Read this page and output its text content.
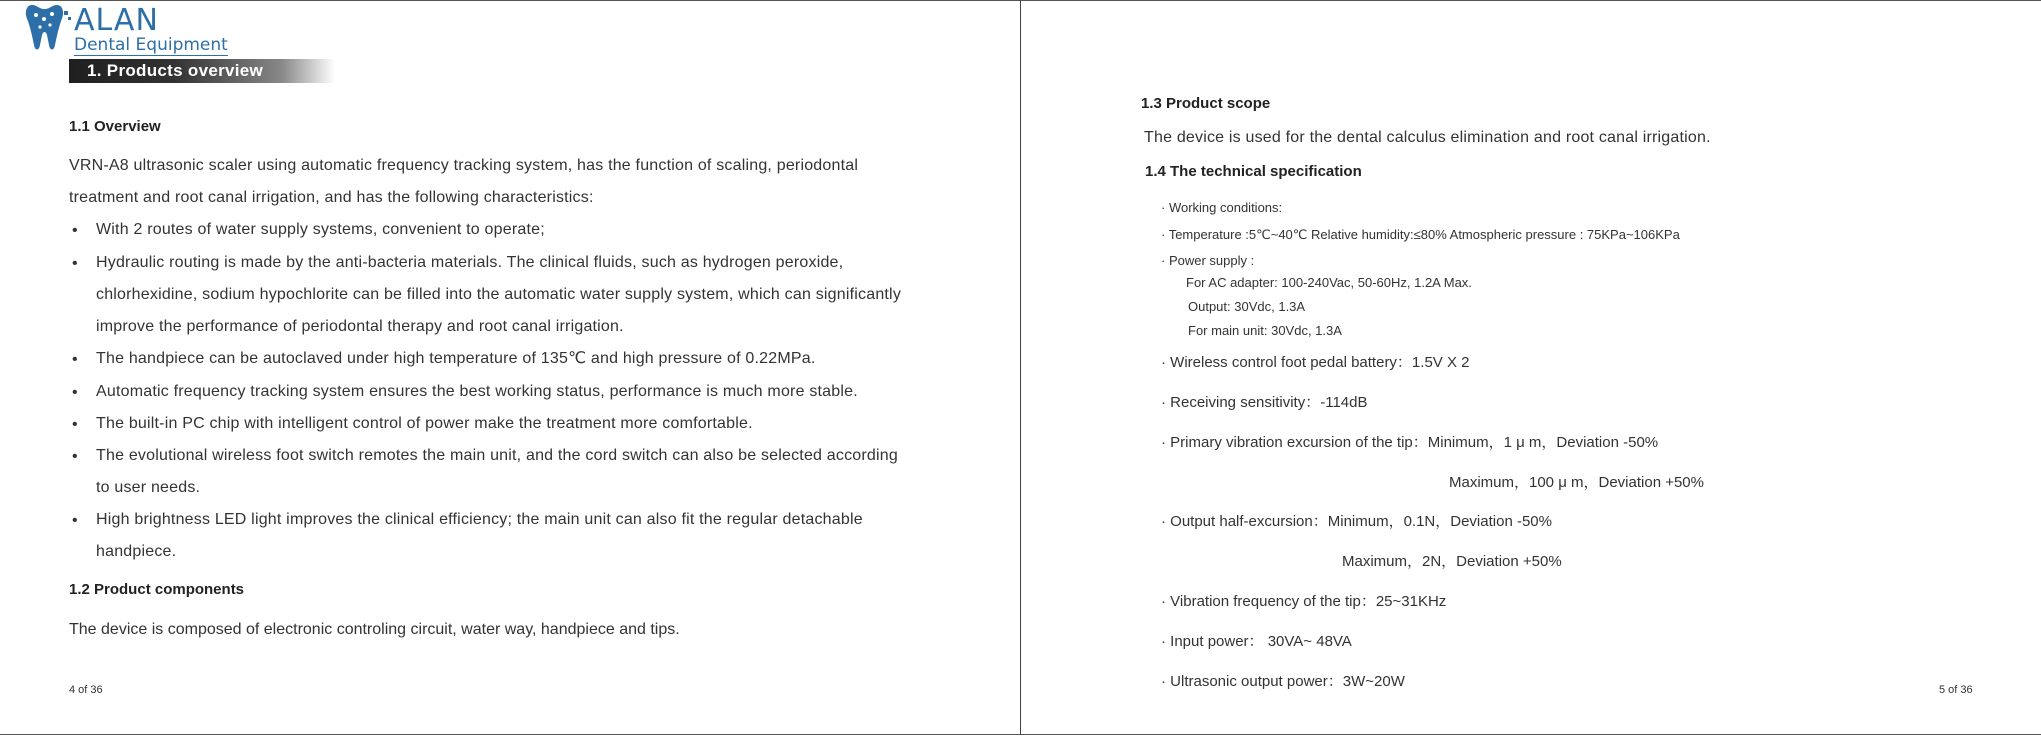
ALAN
Dental Equipment
1. Products overview
1.1 Overview
VRN-A8 ultrasonic scaler using automatic frequency tracking system, has the function of scaling, periodontal
treatment and root canal irrigation, and has the following characteristics:
• With 2 routes of water supply systems, convenient to operate;
• Hydraulic routing is made by the anti-bacteria materials. The clinical fluids, such as hydrogen peroxide,
chlorhexidine, sodium hypochlorite can be filled into the automatic water supply system, which can significantly
improve the performance of periodontal therapy and root canal irrigation.
• The handpiece can be autoclaved under high temperature of 135℃ and high pressure of 0.22MPa.
• Automatic frequency tracking system ensures the best working status, performance is much more stable.
• The built-in PC chip with intelligent control of power make the treatment more comfortable.
• The evolutional wireless foot switch remotes the main unit, and the cord switch can also be selected according
to user needs.
• High brightness LED light improves the clinical efficiency; the main unit can also fit the regular detachable
handpiece.
1.2 Product components
The device is composed of electronic controling circuit, water way, handpiece and tips.
4 of 36
1.3 Product scope
The device is used for the dental calculus elimination and root canal irrigation.
1.4 The technical specification
· Working conditions:
· Temperature :5℃~40℃ Relative humidity:≤80% Atmospheric pressure : 75KPa~106KPa
· Power supply :
For AC adapter: 100-240Vac, 50-60Hz, 1.2A Max.
Output: 30Vdc, 1.3A
For main unit: 30Vdc, 1.3A
· Wireless control foot pedal battery：1.5V X 2
· Receiving sensitivity：-114dB
· Primary vibration excursion of the tip：Minimum，1 μ m，Deviation -50%
Maximum，100 μ m，Deviation +50%
· Output half-excursion：Minimum，0.1N，Deviation -50%
Maximum，2N，Deviation +50%
· Vibration frequency of the tip：25~31KHz
· Input power： 30VA~ 48VA
· Ultrasonic output power：3W~20W	5 of 36
